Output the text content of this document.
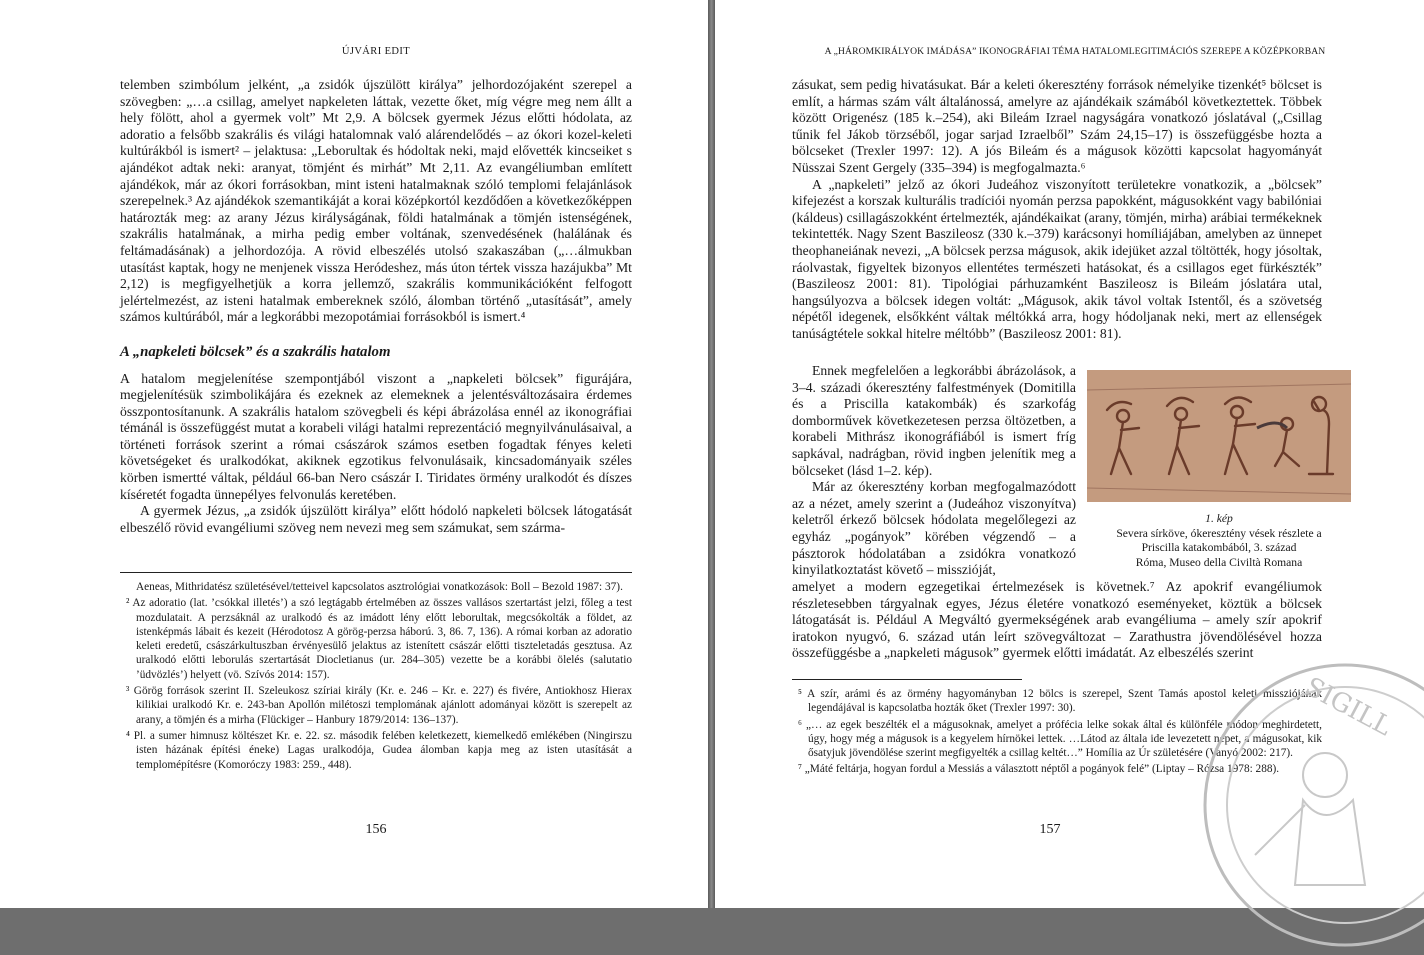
ÚJVÁRI EDIT

telemben szimbólum jelként, „a zsidók újszülött királya” jelhordozójaként szerepel a szövegben: „…a csillag, amelyet napkeleten láttak, vezette őket, míg végre meg nem állt a hely fölött, ahol a gyermek volt” Mt 2,9. A bölcsek gyermek Jézus előtti hódolata, az adoratio a felsőbb szakrális és világi hatalomnak való alárendelődés – az ókori kozel-keleti kultúrákból is ismert² – jelaktusa: „Leborultak és hódoltak neki, majd elővették kincseiket s ajándékot adtak neki: aranyat, tömjént és mirhát” Mt 2,11. Az evangéliumban említett ajándékok, már az ókori forrásokban, mint isteni hatalmaknak szóló templomi felajánlások szerepelnek.³ Az ajándékok szemantikáját a korai középkortól kezdődően a következőképpen határozták meg: az arany Jézus királyságának, földi hatalmának a tömjén istenségének, szakrális hatalmának, a mirha pedig ember voltának, szenvedésének (halálának és feltámadásának) a jelhordozója. A rövid elbeszélés utolsó szakaszában („…álmukban utasítást kaptak, hogy ne menjenek vissza Heródeshez, más úton tértek vissza hazájukba” Mt 2,12) is megfigyelhetjük a korra jellemző, szakrális kommunikációként felfogott jelértelmezést, az isteni hatalmak embereknek szóló, álomban történő „utasítását”, amely számos kultúrából, már a legkorábbi mezopotámiai forrásokból is ismert.⁴

A „napkeleti bölcsek” és a szakrális hatalom

A hatalom megjelenítése szempontjából viszont a „napkeleti bölcsek” figurájára, megjelenítésük szimbolikájára és ezeknek az elemeknek a jelentésváltozásaira érdemes összpontosítanunk. A szakrális hatalom szövegbeli és képi ábrázolása ennél az ikonográfiai témánál is összefüggést mutat a korabeli világi hatalmi reprezentáció megnyilvánulásaival, a történeti források szerint a római császárok számos esetben fogadtak fényes keleti követségeket és uralkodókat, akiknek egzotikus felvonulásaik, kincsadományaik széles körben ismertté váltak, például 66-ban Nero császár I. Tiridates örmény uralkodót és díszes kíséretét fogadta ünnepélyes felvonulás keretében.

A gyermek Jézus, „a zsidók újszülött királya” előtt hódoló napkeleti bölcsek látogatását elbeszélő rövid evangéliumi szöveg nem nevezi meg sem számukat, sem szárma-

Aeneas, Mithridatész születésével/tetteivel kapcsolatos asztrológiai vonatkozások: Boll – Bezold 1987: 37).

² Az adoratio (lat. ’csókkal illetés’) a szó legtágabb értelmében az összes vallásos szertartást jelzi, főleg a test mozdulatait. A perzsáknál az uralkodó és az imádott lény előtt leborultak, megcsókolták a földet, az istenképmás lábait és kezeit (Hérodotosz A görög-perzsa háború. 3, 86. 7, 136). A római korban az adoratio keleti eredetű, császárkultuszban érvényesülő jelaktus az istenített császár előtti tiszteletadás gesztusa. Az uralkodó előtti leborulás szertartását Diocletianus (ur. 284–305) vezette be a korábbi ölelés (salutatio ’üdvözlés’) helyett (vö. Szívós 2014: 157).

³ Görög források szerint II. Szeleukosz szíriai király (Kr. e. 246 – Kr. e. 227) és fivére, Antiokhosz Hierax kilikiai uralkodó Kr. e. 243-ban Apollón milétoszi templomának ajánlott adományai között is szerepelt az arany, a tömjén és a mirha (Flückiger – Hanbury 1879/2014: 136–137).

⁴ Pl. a sumer himnusz költészet Kr. e. 22. sz. második felében keletkezett, kiemelkedő emlékében (Ningirszu isten házának építési éneke) Lagas uralkodója, Gudea álomban kapja meg az isten utasítását a templomépítésre (Komoróczy 1983: 259., 448).

156
A „HÁROMKIRÁLYOK IMÁDÁSA” IKONOGRÁFIAI TÉMA HATALOMLEGITIMÁCIÓS SZEREPE A KÖZÉPKORBAN

zásukat, sem pedig hivatásukat. Bár a keleti ókeresztény források némelyike tizenkét⁵ bölcset is említ, a hármas szám vált általánossá, amelyre az ajándékaik számából következtettek. Többek között Origenész (185 k.–254), aki Bileám Izrael nagyságára vonatkozó jóslatával („Csillag tűnik fel Jákob törzséből, jogar sarjad Izraelből” Szám 24,15–17) is összefüggésbe hozta a bölcseket (Trexler 1997: 12). A jós Bileám és a mágusok közötti kapcsolat hagyományát Nüsszai Szent Gergely (335–394) is megfogalmazta.⁶

A „napkeleti” jelző az ókori Judeához viszonyított területekre vonatkozik, a „bölcsek” kifejezést a korszak kulturális tradíciói nyomán perzsa papokként, mágusokként vagy babilóniai (káldeus) csillagászokként értelmezték, ajándékaikat (arany, tömjén, mirha) arábiai termékeknek tekintették. Nagy Szent Baszileosz (330 k.–379) karácsonyi homíliájában, amelyben az ünnepet theophaneiának nevezi, „A bölcsek perzsa mágusok, akik idejüket azzal töltötték, hogy jósoltak, ráolvastak, figyeltek bizonyos ellentétes természeti hatásokat, és a csillagos eget fürkészték” (Baszileosz 2001: 81). Tipológiai párhuzamként Baszileosz is Bileám jóslatára utal, hangsúlyozva a bölcsek idegen voltát: „Mágusok, akik távol voltak Istentől, és a szövetség népétől idegenek, elsőkként váltak méltókká arra, hogy hódoljanak neki, mert az ellenségek tanúságtétele sokkal hitelre méltóbb” (Baszileosz 2001: 81).

Ennek megfelelően a legkorábbi ábrázolások, a 3–4. századi ókeresztény falfestmények (Domitilla és a Priscilla katakombák) és szarkofág domborművek következetesen perzsa öltözetben, a korabeli Mithrász ikonográfiából is ismert fríg sapkával, nadrágban, rövid ingben jelenítik meg a bölcseket (lásd 1–2. kép).

Már az ókeresztény korban megfogalmazódott az a nézet, amely szerint a (Judeához viszonyítva) keletről érkező bölcsek hódolata megelőlegezi az egyház „pogányok” körében végzendő – a pásztorok hódolatában a zsidókra vonatkozó kinyilatkoztatást követő – misszióját,

1. kép
Severa sírköve, ókeresztény vések részlete a
Priscilla katakombából, 3. század
Róma, Museo della Civiltà Romana

amelyet a modern egzegetikai értelmezések is követnek.⁷ Az apokrif evangéliumok részletesebben tárgyalnak egyes, Jézus életére vonatkozó eseményeket, köztük a bölcsek látogatását is. Például A Megváltó gyermekségének arab evangéliuma – amely szír apokrif iratokon nyugvó, 6. század után leírt szövegváltozat – Zarathustra jövendölésével hozza összefüggésbe a „napkeleti mágusok” gyermek előtti imádatát. Az elbeszélés szerint

⁵ A szír, arámi és az örmény hagyományban 12 bölcs is szerepel, Szent Tamás apostol keleti missziójának legendájával is kapcsolatba hozták őket (Trexler 1997: 30).

⁶ „… az egek beszélték el a mágusoknak, amelyet a prófécia lelke sokak által és különféle módon meghirdetett, úgy, hogy még a mágusok is a kegyelem hírnökei lettek. …Látod az általa ide levezetett népet, a mágusokat, kik ősatyjuk jövendölése szerint megfigyelték a csillag keltét…” Homília az Úr születésére (Vanyó 2002: 217).

⁷ „Máté feltárja, hogyan fordul a Messiás a választott néptől a pogányok felé” (Liptay – Rózsa 1978: 288).

157
SIGILL
